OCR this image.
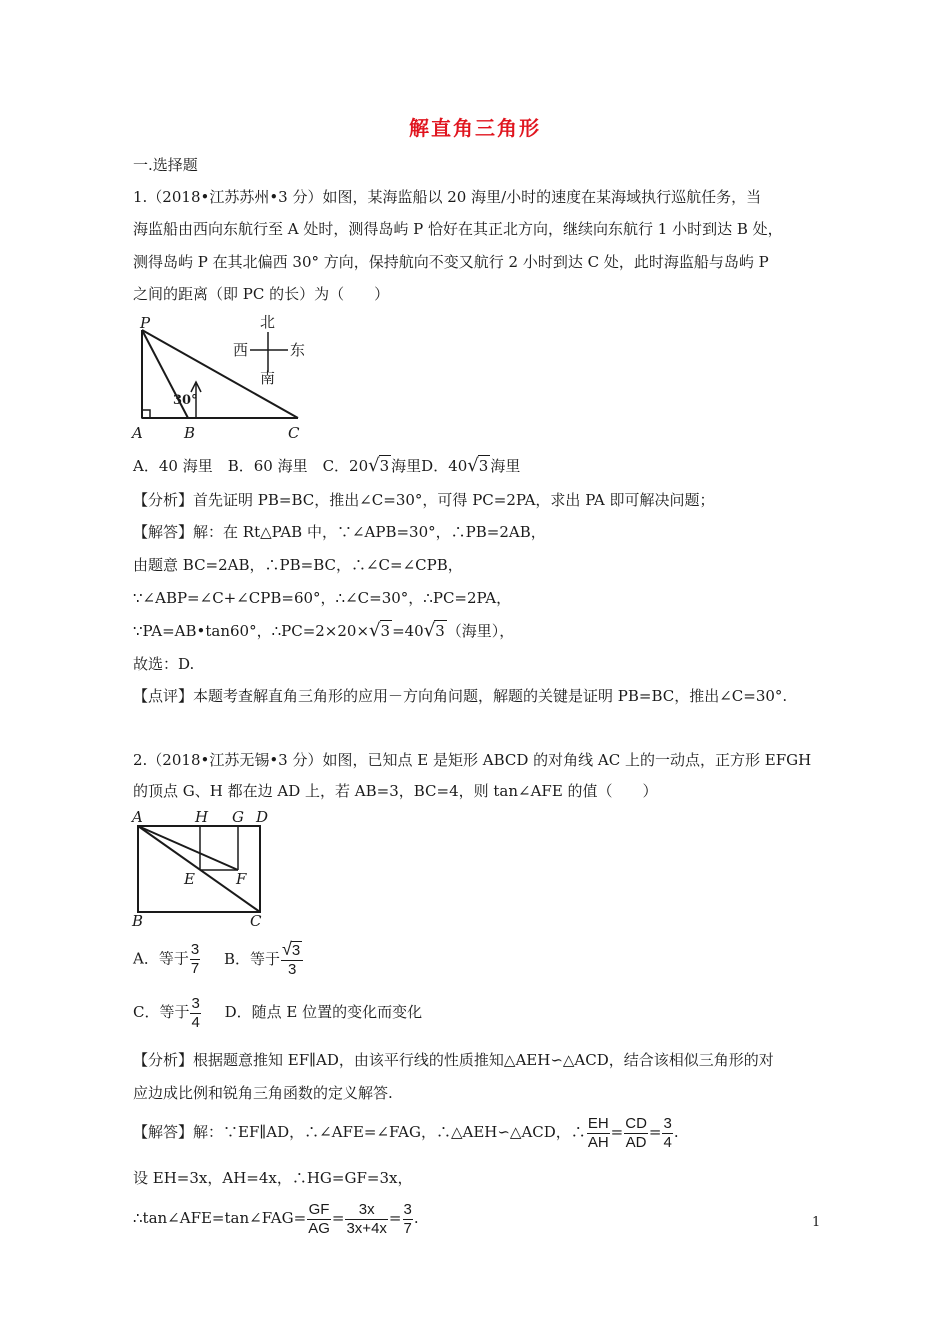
解直角三角形
一.选择题
1.（2018•江苏苏州•3 分）如图，某海监船以 20 海里/小时的速度在某海域执行巡航任务，当
海监船由西向东航行至 A 处时，测得岛屿 P 恰好在其正北方向，继续向东航行 1 小时到达 B 处，
测得岛屿 P 在其北偏西 30° 方向，保持航向不变又航行 2 小时到达 C 处，此时海监船与岛屿 P
之间的距离（即 PC 的长）为（　　）
P
A	B	C
30°
北
西	东
南
A．40 海里　B．60 海里　C．20√3 海里D．40√3 海里
【分析】首先证明 PB=BC，推出∠C=30°，可得 PC=2PA，求出 PA 即可解决问题；
【解答】解：在 Rt△PAB 中，∵∠APB=30°，∴PB=2AB，
由题意 BC=2AB，∴PB=BC，∴∠C=∠CPB，
∵∠ABP=∠C+∠CPB=60°，∴∠C=30°，∴PC=2PA，
∵PA=AB•tan60°，∴PC=2×20×√3 =40√3 （海里），
故选：D.
【点评】本题考查解直角三角形的应用－方向角问题，解题的关键是证明 PB=BC，推出∠C=30°.
2.（2018•江苏无锡•3 分）如图，已知点 E 是矩形 ABCD 的对角线 AC 上的一动点，正方形 EFGH
的顶点 G、H 都在边 AD 上，若 AB=3，BC=4，则 tan∠AFE 的值（　　）
A	H G D
E	F
B	C
A．等于 $\frac{3}{7}$ B．等于 $\frac{√3}{3}$
C．等于 $\frac{3}{4}$ D．随点 E 位置的变化而变化
【分析】根据题意推知 EF∥AD，由该平行线的性质推知△AEH∽△ACD，结合该相似三角形的对
应边成比例和锐角三角函数的定义解答.
【解答】解：∵EF∥AD，∴∠AFE=∠FAG，∴△AEH∽△ACD，∴ $\frac{EH}{AH} = \frac{CD}{AD} = \frac{3}{4}$ .
设 EH=3x，AH=4x，∴HG=GF=3x，
∴tan∠AFE=tan∠FAG= $\frac{GF}{AG} = \frac{3x}{3x+4x} = \frac{3}{7}$ .	1
